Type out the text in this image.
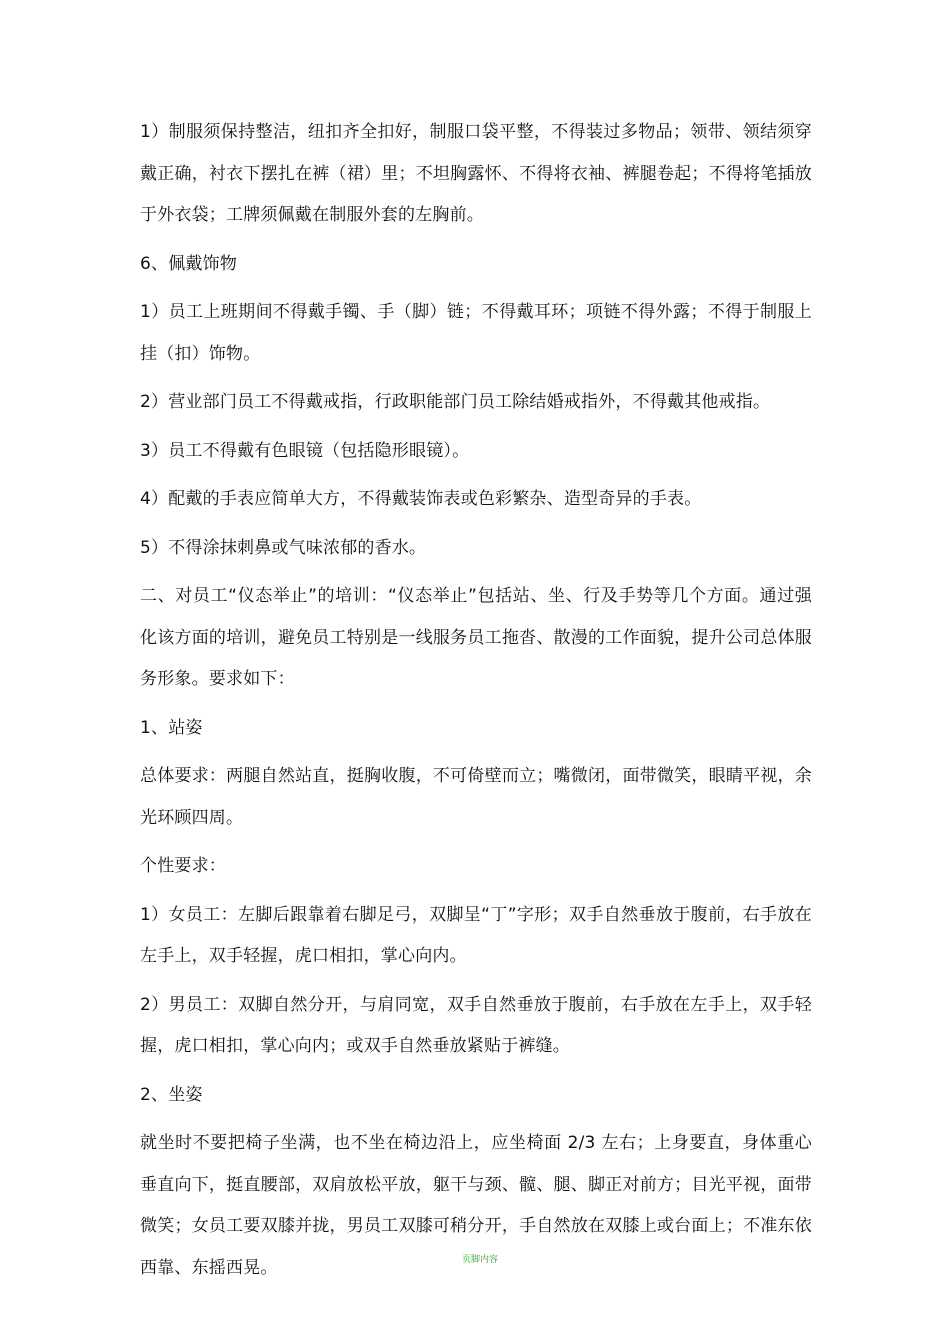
1）制服须保持整洁，纽扣齐全扣好，制服口袋平整，不得装过多物品；领带、领结须穿戴正确，衬衣下摆扎在裤（裙）里；不坦胸露怀、不得将衣袖、裤腿卷起；不得将笔插放于外衣袋；工牌须佩戴在制服外套的左胸前。

6、佩戴饰物

1）员工上班期间不得戴手镯、手（脚）链；不得戴耳环；项链不得外露；不得于制服上挂（扣）饰物。

2）营业部门员工不得戴戒指，行政职能部门员工除结婚戒指外，不得戴其他戒指。

3）员工不得戴有色眼镜（包括隐形眼镜）。

4）配戴的手表应简单大方，不得戴装饰表或色彩繁杂、造型奇异的手表。

5）不得涂抹刺鼻或气味浓郁的香水。

二、对员工“仪态举止”的培训：“仪态举止”包括站、坐、行及手势等几个方面。通过强化该方面的培训，避免员工特别是一线服务员工拖沓、散漫的工作面貌，提升公司总体服务形象。要求如下：

1、站姿

总体要求：两腿自然站直，挺胸收腹，不可倚壁而立；嘴微闭，面带微笑，眼睛平视，余光环顾四周。

个性要求：

1）女员工：左脚后跟靠着右脚足弓，双脚呈“丁”字形；双手自然垂放于腹前，右手放在左手上，双手轻握，虎口相扣，掌心向内。

2）男员工：双脚自然分开，与肩同宽，双手自然垂放于腹前，右手放在左手上，双手轻握，虎口相扣，掌心向内；或双手自然垂放紧贴于裤缝。

2、坐姿

就坐时不要把椅子坐满，也不坐在椅边沿上，应坐椅面 2/3 左右；上身要直，身体重心垂直向下，挺直腰部，双肩放松平放，躯干与颈、髋、腿、脚正对前方；目光平视，面带微笑；女员工要双膝并拢，男员工双膝可稍分开，手自然放在双膝上或台面上；不准东依西靠、东摇西晃。	页脚内容
